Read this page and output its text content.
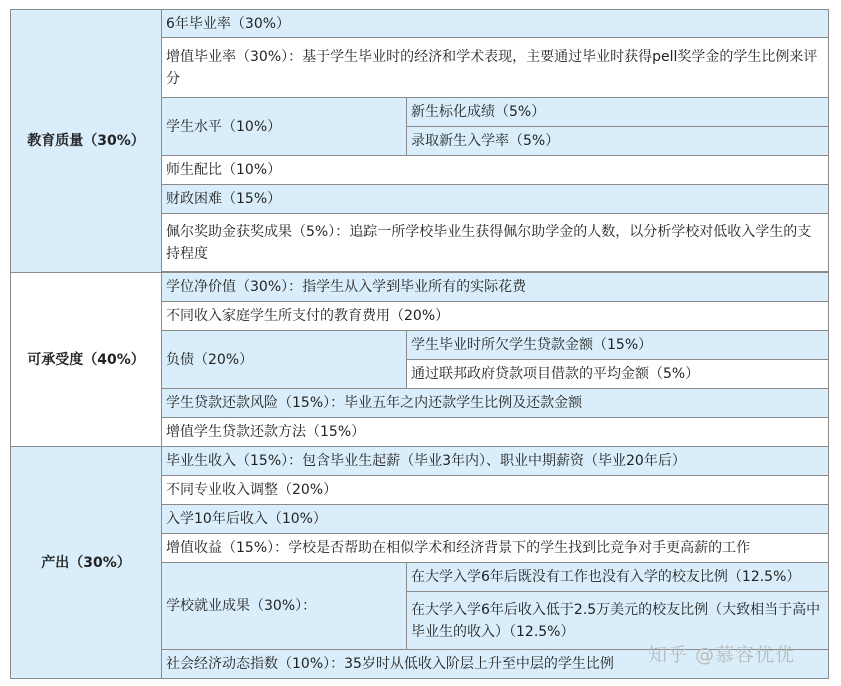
教育质量（30%）	6年毕业率（30%）	
	增值毕业率（30%）：基于学生毕业时的经济和学术表现，主要通过毕业时获得pell奖学金的学生比例来评分	
	学生水平（10%）	新生标化成绩（5%）
		录取新生入学率（5%）
	师生配比（10%）	
	财政困难（15%）	
	佩尔奖助金获奖成果（5%）：追踪一所学校毕业生获得佩尔助学金的人数，以分析学校对低收入学生的支持程度	

可承受度（40%）	学位净价值（30%）：指学生从入学到毕业所有的实际花费	
	不同收入家庭学生所支付的教育费用（20%）	
	负债（20%）	学生毕业时所欠学生贷款金额（15%）
		通过联邦政府贷款项目借款的平均金额（5%）
	学生贷款还款风险（15%）：毕业五年之内还款学生比例及还款金额	
	增值学生贷款还款方法（15%）	
产出（30%）	毕业生收入（15%）：包含毕业生起薪（毕业3年内）、职业中期薪资（毕业20年后）	
	不同专业收入调整（20%）	
	入学10年后收入（10%）	
	增值收益（15%）：学校是否帮助在相似学术和经济背景下的学生找到比竞争对手更高薪的工作	
	学校就业成果（30%）：	在大学入学6年后既没有工作也没有入学的校友比例（12.5%）
		在大学入学6年后收入低于2.5万美元的校友比例（大致相当于高中毕业生的收入）（12.5%）
	社会经济动态指数（10%）：35岁时从低收入阶层上升至中层的学生比例	知乎 @慕容优优
